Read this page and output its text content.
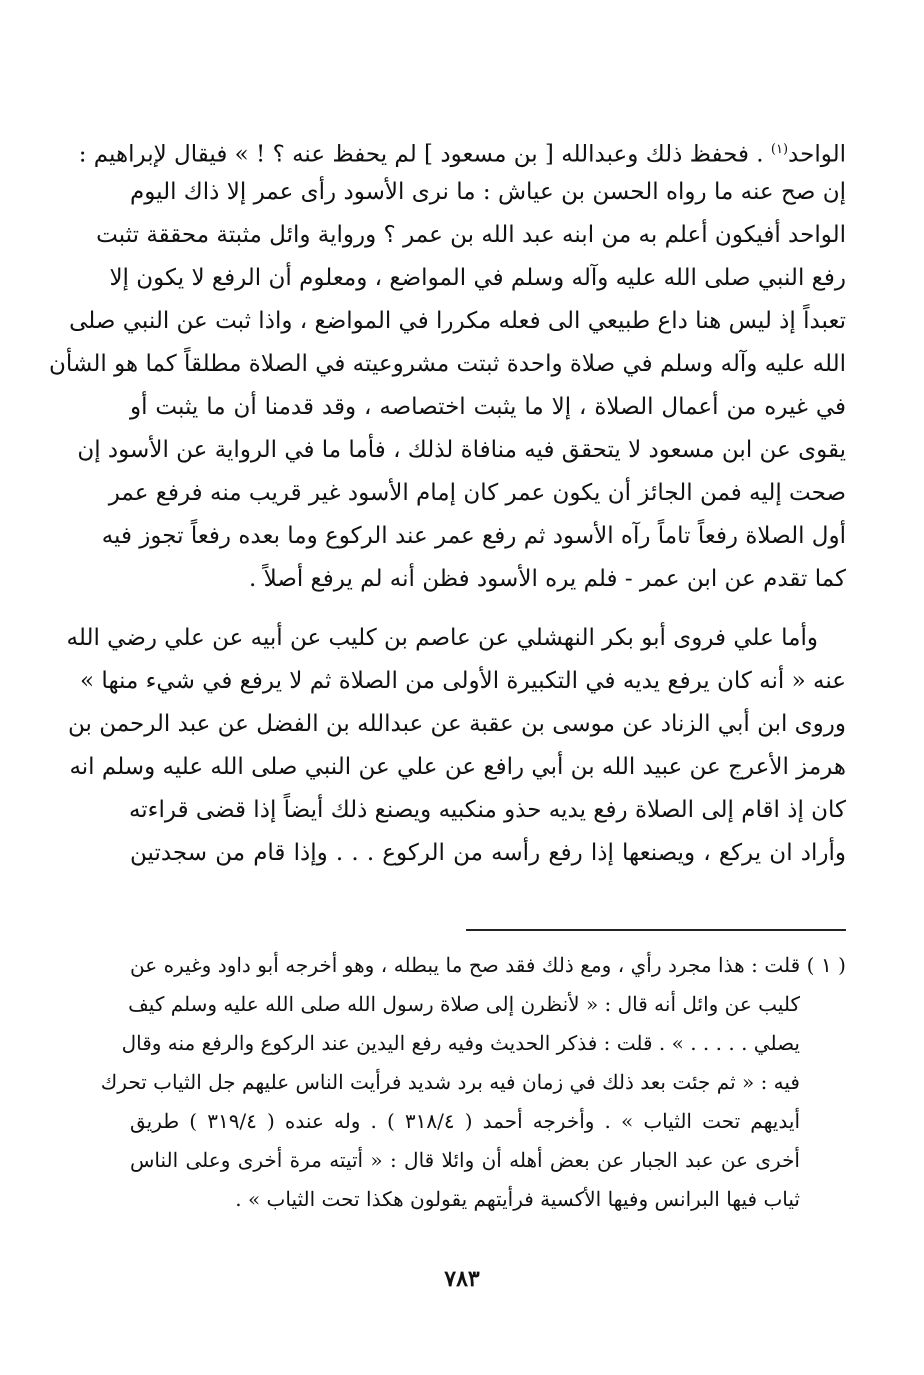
الواحد$^{(١)}$ . فحفظ ذلك وعبدالله [ بن مسعود ] لم يحفظ عنه ؟ ! » فيقال لإبراهيم :
إن صح عنه ما رواه الحسن بن عياش : ما نرى الأسود رأى عمر إلا ذاك اليوم
الواحد أفيكون أعلم به من ابنه عبد الله بن عمر ؟ ورواية وائل مثبتة محققة تثبت
رفع النبي صلى الله عليه وآله وسلم في المواضع ، ومعلوم أن الرفع لا يكون إلا
تعبداً إذ ليس هنا داع طبيعي الى فعله مكررا في المواضع ، واذا ثبت عن النبي صلى
الله عليه وآله وسلم في صلاة واحدة ثبتت مشروعيته في الصلاة مطلقاً كما هو الشأن
في غيره من أعمال الصلاة ، إلا ما يثبت اختصاصه ، وقد قدمنا أن ما يثبت أو
يقوى عن ابن مسعود لا يتحقق فيه منافاة لذلك ، فأما ما في الرواية عن الأسود إن
صحت إليه فمن الجائز أن يكون عمر كان إمام الأسود غير قريب منه فرفع عمر
أول الصلاة رفعاً تاماً رآه الأسود ثم رفع عمر عند الركوع وما بعده رفعاً تجوز فيه
كما تقدم عن ابن عمر - فلم يره الأسود فظن أنه لم يرفع أصلاً .
وأما علي فروى أبو بكر النهشلي عن عاصم بن كليب عن أبيه عن علي رضي الله
عنه « أنه كان يرفع يديه في التكبيرة الأولى من الصلاة ثم لا يرفع في شيء منها »
وروى ابن أبي الزناد عن موسى بن عقبة عن عبدالله بن الفضل عن عبد الرحمن بن
هرمز الأعرج عن عبيد الله بن أبي رافع عن علي عن النبي صلى الله عليه وسلم انه
كان إذ اقام إلى الصلاة رفع يديه حذو منكبيه ويصنع ذلك أيضاً إذا قضى قراءته
وأراد ان يركع ، ويصنعها إذا رفع رأسه من الركوع . . . وإذا قام من سجدتين
( ١ ) قلت : هذا مجرد رأي ، ومع ذلك فقد صح ما يبطله ، وهو أخرجه أبو داود وغيره عن
كليب عن وائل أنه قال : « لأنظرن إلى صلاة رسول الله صلى الله عليه وسلم كيف
يصلي . . . . . » . قلت : فذكر الحديث وفيه رفع اليدين عند الركوع والرفع منه وقال
فيه : « ثم جئت بعد ذلك في زمان فيه برد شديد فرأيت الناس عليهم جل الثياب تحرك
أيديهم تحت الثياب » . وأخرجه أحمد ( ٣١٨/٤ ) . وله عنده ( ٣١٩/٤ ) طريق
أخرى عن عبد الجبار عن بعض أهله أن وائلا قال : « أتيته مرة أخرى وعلى الناس
ثياب فيها البرانس وفيها الأكسية فرأيتهم يقولون هكذا تحت الثياب » .
٧٨٣
